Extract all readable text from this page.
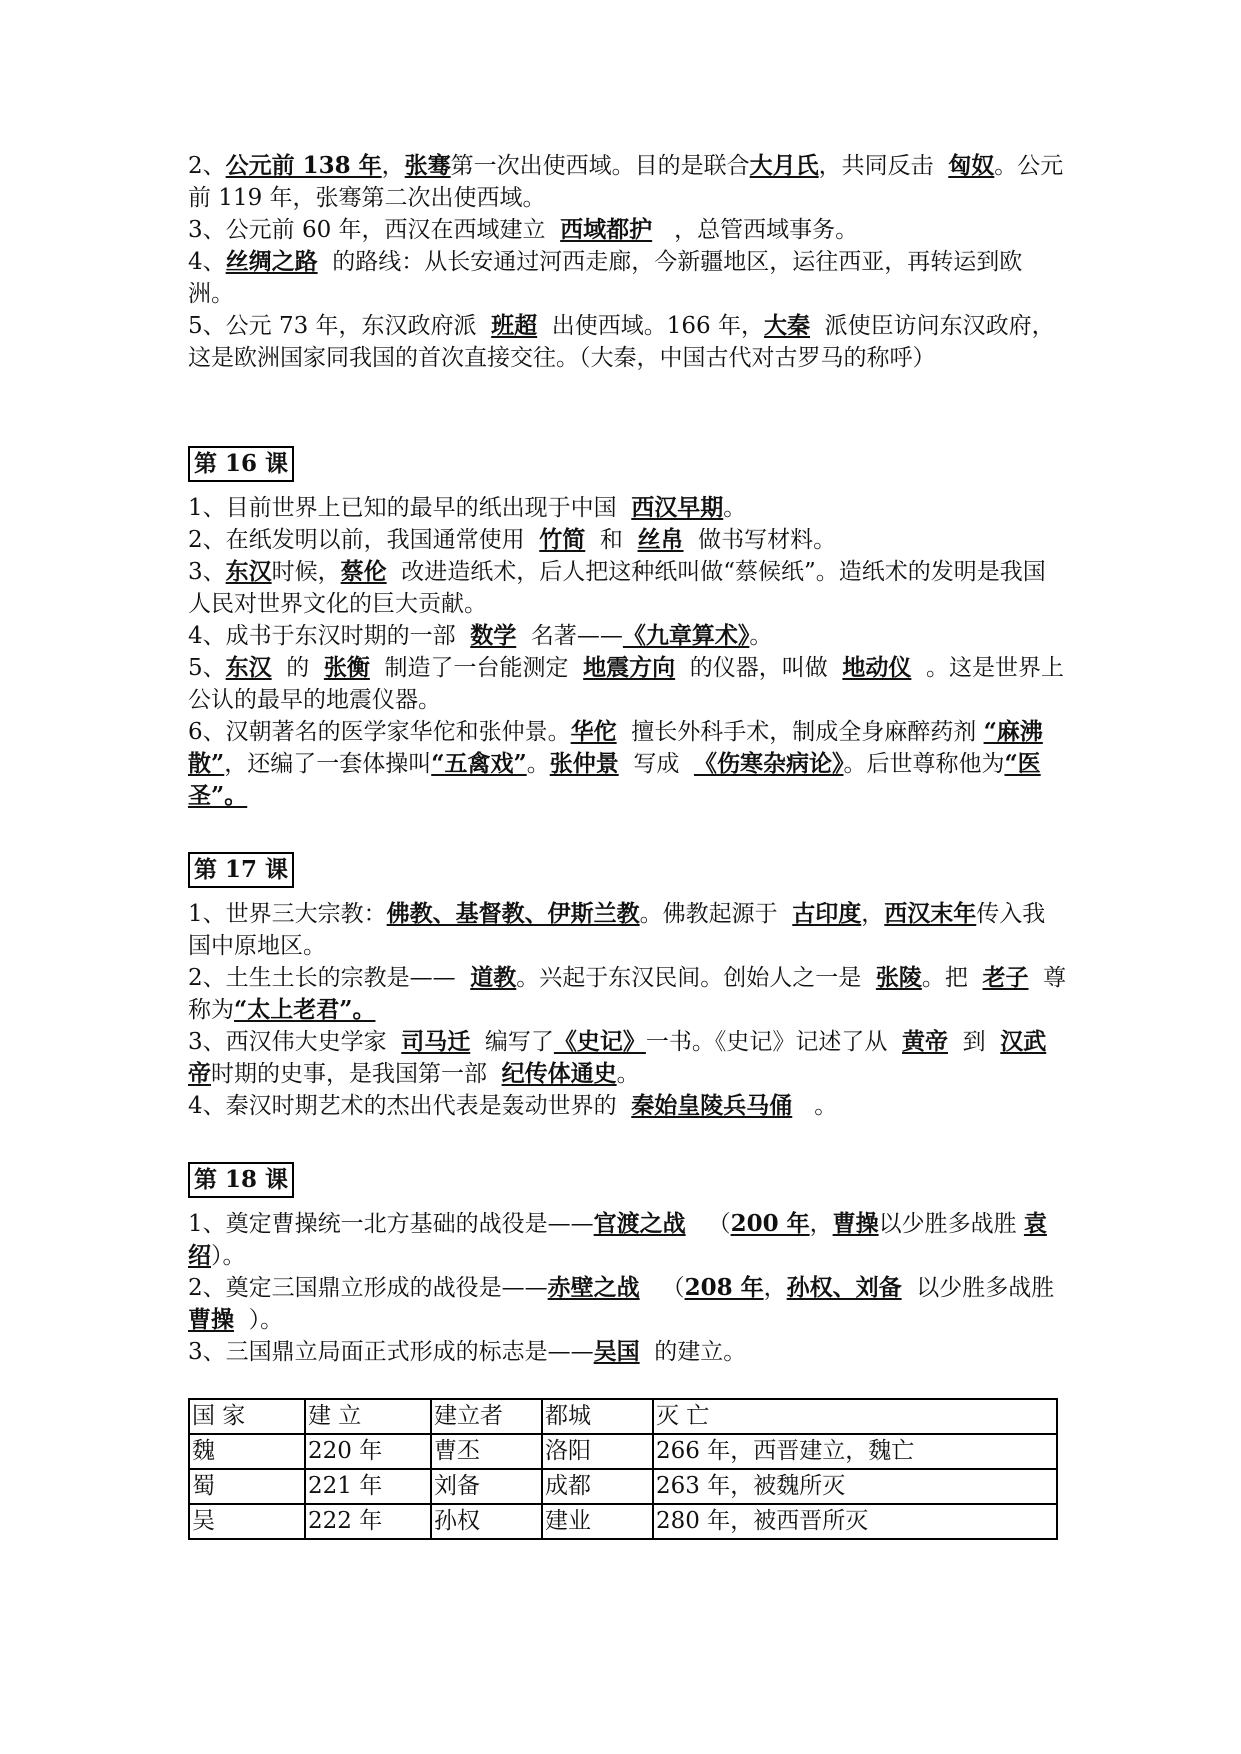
2、公元前 138 年，张骞第一次出使西域。目的是联合大月氏，共同反击 匈奴。公元前 119 年，张骞第二次出使西域。

3、公元前 60 年，西汉在西域建立 西域都护 ，总管西域事务。

4、丝绸之路 的路线：从长安通过河西走廊，今新疆地区，运往西亚，再转运到欧洲。

5、公元 73 年，东汉政府派 班超 出使西域。166 年，大秦 派使臣访问东汉政府，这是欧洲国家同我国的首次直接交往。（大秦，中国古代对古罗马的称呼）

第 16 课

1、目前世界上已知的最早的纸出现于中国 西汉早期。

2、在纸发明以前，我国通常使用 竹简 和 丝帛 做书写材料。

3、东汉时候，蔡伦 改进造纸术，后人把这种纸叫做“蔡候纸”。造纸术的发明是我国人民对世界文化的巨大贡献。

4、成书于东汉时期的一部 数学 名著——《九章算术》。

5、东汉 的 张衡 制造了一台能测定 地震方向 的仪器，叫做 地动仪 。这是世界上公认的最早的地震仪器。

6、汉朝著名的医学家华佗和张仲景。华佗 擅长外科手术，制成全身麻醉药剂 “麻沸散”，还编了一套体操叫“五禽戏”。张仲景 写成 《伤寒杂病论》。后世尊称他为“医圣”。

第 17 课

1、世界三大宗教：佛教、基督教、伊斯兰教。佛教起源于 古印度，西汉末年传入我国中原地区。

2、土生土长的宗教是—— 道教。兴起于东汉民间。创始人之一是 张陵。把 老子 尊称为“太上老君”。

3、西汉伟大史学家 司马迁 编写了《史记》一书。《史记》记述了从 黄帝 到 汉武帝时期的史事，是我国第一部 纪传体通史。

4、秦汉时期艺术的杰出代表是轰动世界的 秦始皇陵兵马俑 。

第 18 课

1、奠定曹操统一北方基础的战役是——官渡之战 （200 年，曹操以少胜多战胜 袁绍）。

2、奠定三国鼎立形成的战役是——赤壁之战 （208 年，孙权、刘备 以少胜多战胜  曹操 ）。

3、三国鼎立局面正式形成的标志是——吴国 的建立。

国 家	建 立	建立者	都城	灭 亡
魏	220 年	曹丕	洛阳	266 年，西晋建立，魏亡
蜀	221 年	刘备	成都	263 年，被魏所灭
吴	222 年	孙权	建业	280 年，被西晋所灭
